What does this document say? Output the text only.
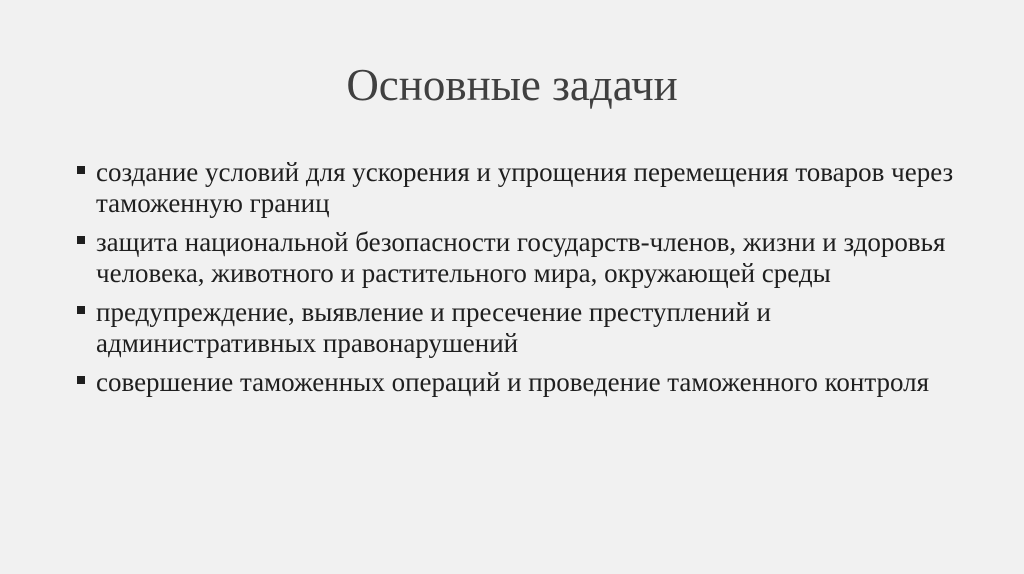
Основные задачи
создание условий для ускорения и упрощения перемещения товаров через таможенную границ
защита национальной безопасности государств-членов, жизни и здоровья человека, животного и растительного мира, окружающей среды
предупреждение, выявление и пресечение преступлений и административных правонарушений
совершение таможенных операций и проведение таможенного контроля
